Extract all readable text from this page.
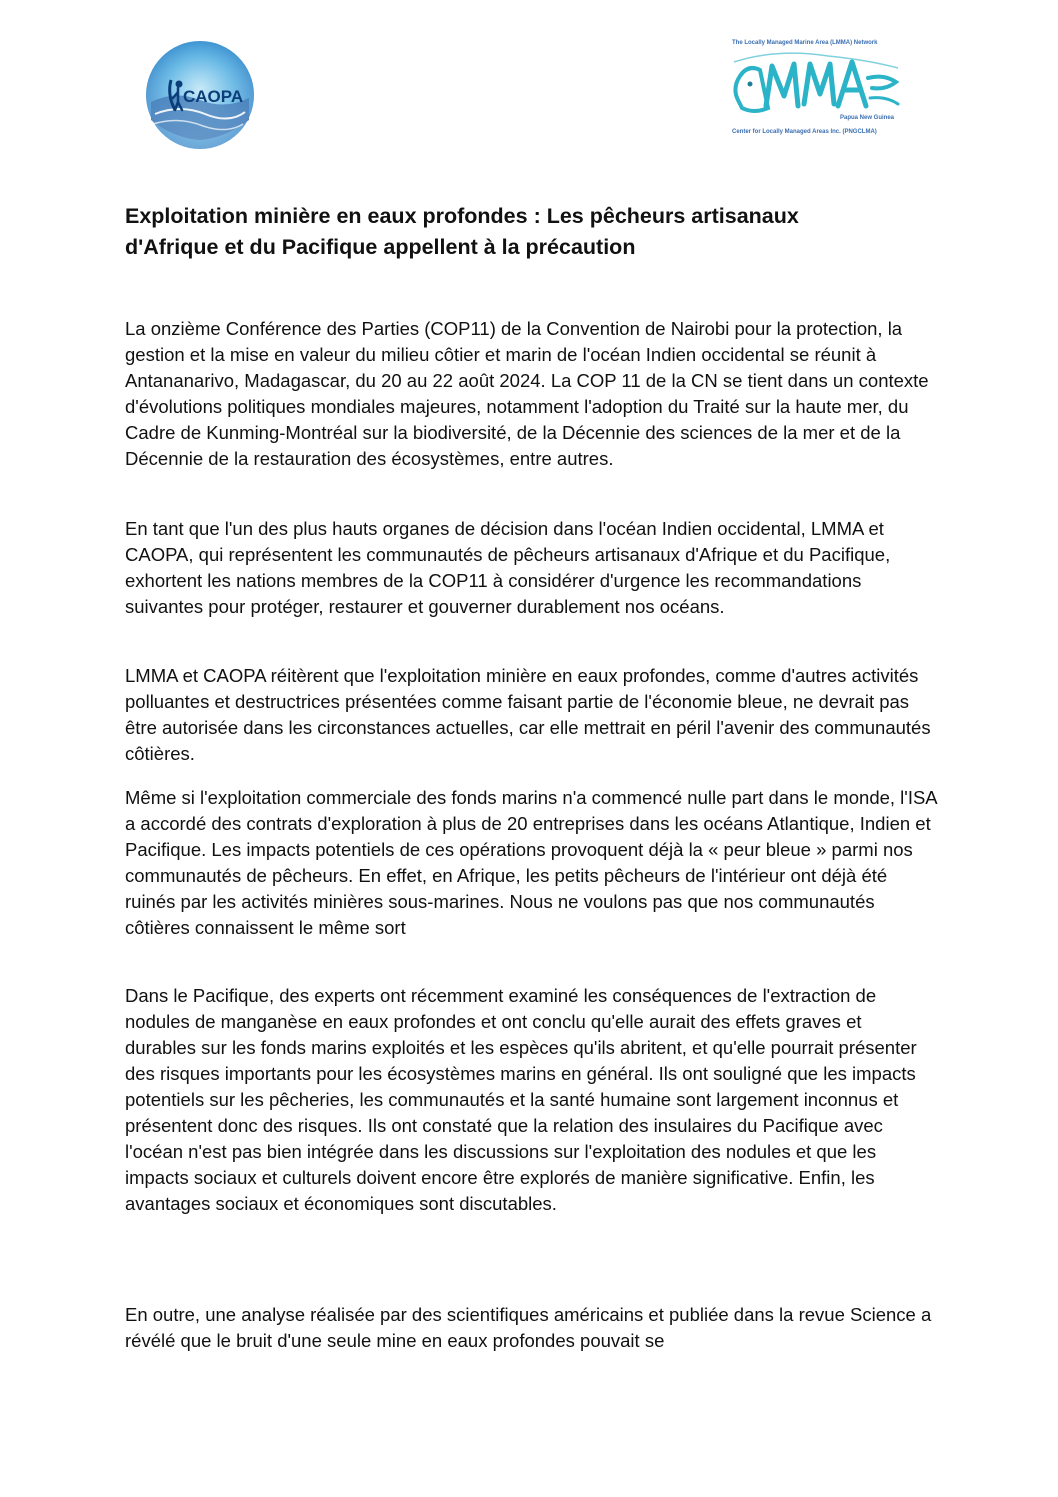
CAOPA
The Locally Managed Marine Area (LMMA) Network
Papua New Guinea
Center for Locally Managed Areas Inc. (PNGCLMA)
Exploitation minière en eaux profondes : Les pêcheurs artisanaux
d'Afrique et du Pacifique appellent à la précaution

La onzième Conférence des Parties (COP11) de la Convention de Nairobi pour la protection, la gestion et la mise en valeur du milieu côtier et marin de l'océan Indien occidental se réunit à Antananarivo, Madagascar, du 20 au 22 août 2024. La COP 11 de la CN se tient dans un contexte d'évolutions politiques mondiales majeures, notamment l'adoption du Traité sur la haute mer, du Cadre de Kunming-Montréal sur la biodiversité, de la Décennie des sciences de la mer et de la Décennie de la restauration des écosystèmes, entre autres.

En tant que l'un des plus hauts organes de décision dans l'océan Indien occidental, LMMA et CAOPA, qui représentent les communautés de pêcheurs artisanaux d'Afrique et du Pacifique, exhortent les nations membres de la COP11 à considérer d'urgence les recommandations suivantes pour protéger, restaurer et gouverner durablement nos océans.

LMMA et CAOPA réitèrent que l'exploitation minière en eaux profondes, comme d'autres activités polluantes et destructrices présentées comme faisant partie de l'économie bleue, ne devrait pas être autorisée dans les circonstances actuelles, car elle mettrait en péril l'avenir des communautés côtières.

Même si l'exploitation commerciale des fonds marins n'a commencé nulle part dans le monde, l'ISA a accordé des contrats d'exploration à plus de 20 entreprises dans les océans Atlantique, Indien et Pacifique. Les impacts potentiels de ces opérations provoquent déjà la « peur bleue » parmi nos communautés de pêcheurs. En effet, en Afrique, les petits pêcheurs de l'intérieur ont déjà été ruinés par les activités minières sous-marines. Nous ne voulons pas que nos communautés côtières connaissent le même sort

Dans le Pacifique, des experts ont récemment examiné les conséquences de l'extraction de nodules de manganèse en eaux profondes et ont conclu qu'elle aurait des effets graves et durables sur les fonds marins exploités et les espèces qu'ils abritent, et qu'elle pourrait présenter des risques importants pour les écosystèmes marins en général. Ils ont souligné que les impacts potentiels sur les pêcheries, les communautés et la santé humaine sont largement inconnus et présentent donc des risques. Ils ont constaté que la relation des insulaires du Pacifique avec l'océan n'est pas bien intégrée dans les discussions sur l'exploitation des nodules et que les impacts sociaux et culturels doivent encore être explorés de manière significative. Enfin, les avantages sociaux et économiques sont discutables.

En outre, une analyse réalisée par des scientifiques américains et publiée dans la revue Science a révélé que le bruit d'une seule mine en eaux profondes pouvait se
